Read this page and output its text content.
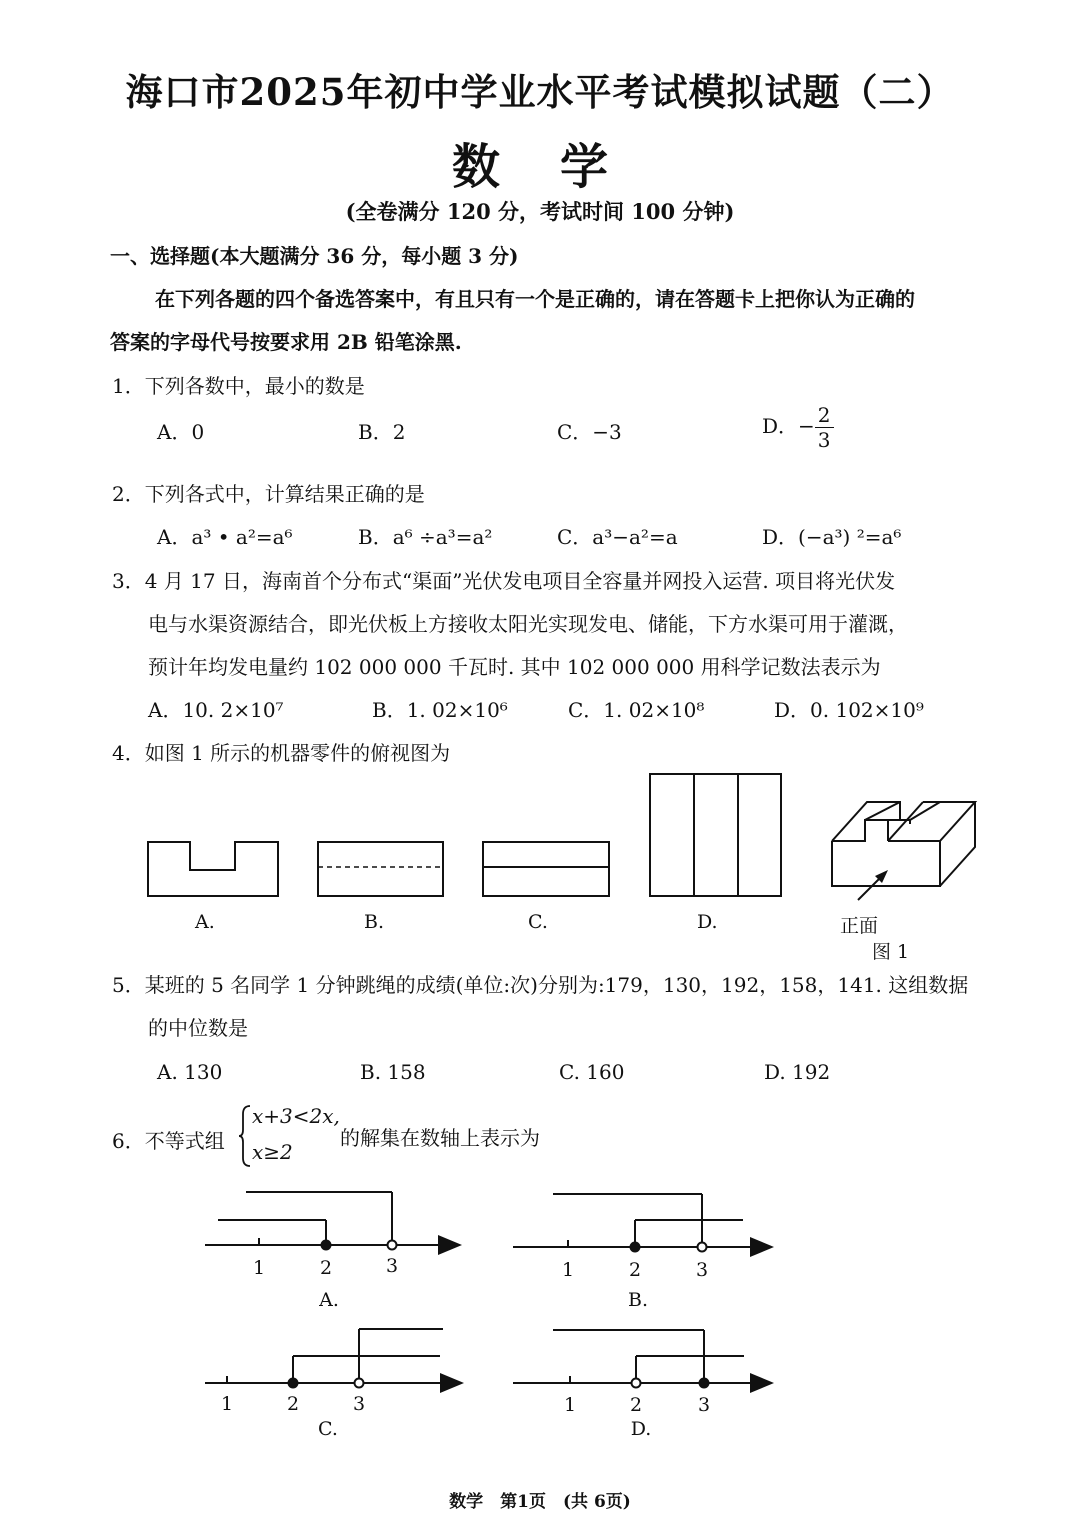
海口市2025年初中学业水平考试模拟试题（二）
数学
(全卷满分 120 分，考试时间 100 分钟)
一、选择题(本大题满分 36 分，每小题 3 分)
在下列各题的四个备选答案中，有且只有一个是正确的，请在答题卡上把你认为正确的
答案的字母代号按要求用 2B 铅笔涂黑.
1．下列各数中，最小的数是
A．0	B．2	C．−3	D．− $\frac{2}{3}$
2．下列各式中，计算结果正确的是
A．a³ • a²=a⁶	B．a⁶ ÷a³=a²	C．a³−a²=a	D．(−a³) ²=a⁶
3．4 月 17 日，海南首个分布式“渠面”光伏发电项目全容量并网投入运营. 项目将光伏发
电与水渠资源结合，即光伏板上方接收太阳光实现发电、储能，下方水渠可用于灌溉，
预计年均发电量约 102 000 000 千瓦时. 其中 102 000 000 用科学记数法表示为
A．10. 2×10⁷	B．1. 02×10⁶	C．1. 02×10⁸	D．0. 102×10⁹
4．如图 1 所示的机器零件的俯视图为
A.	B.	C.	D.	正面
图 1
5．某班的 5 名同学 1 分钟跳绳的成绩(单位:次)分别为:179，130，192，158，141. 这组数据
的中位数是
A. 130	B. 158	C. 160	D. 192
6．不等式组
x+3<2x,
x≥2
的解集在数轴上表示为
1	2	3	1	2	3
1	2	3	1	2	3
A.	B.
C.	D.
数学　第1页　(共 6页)
